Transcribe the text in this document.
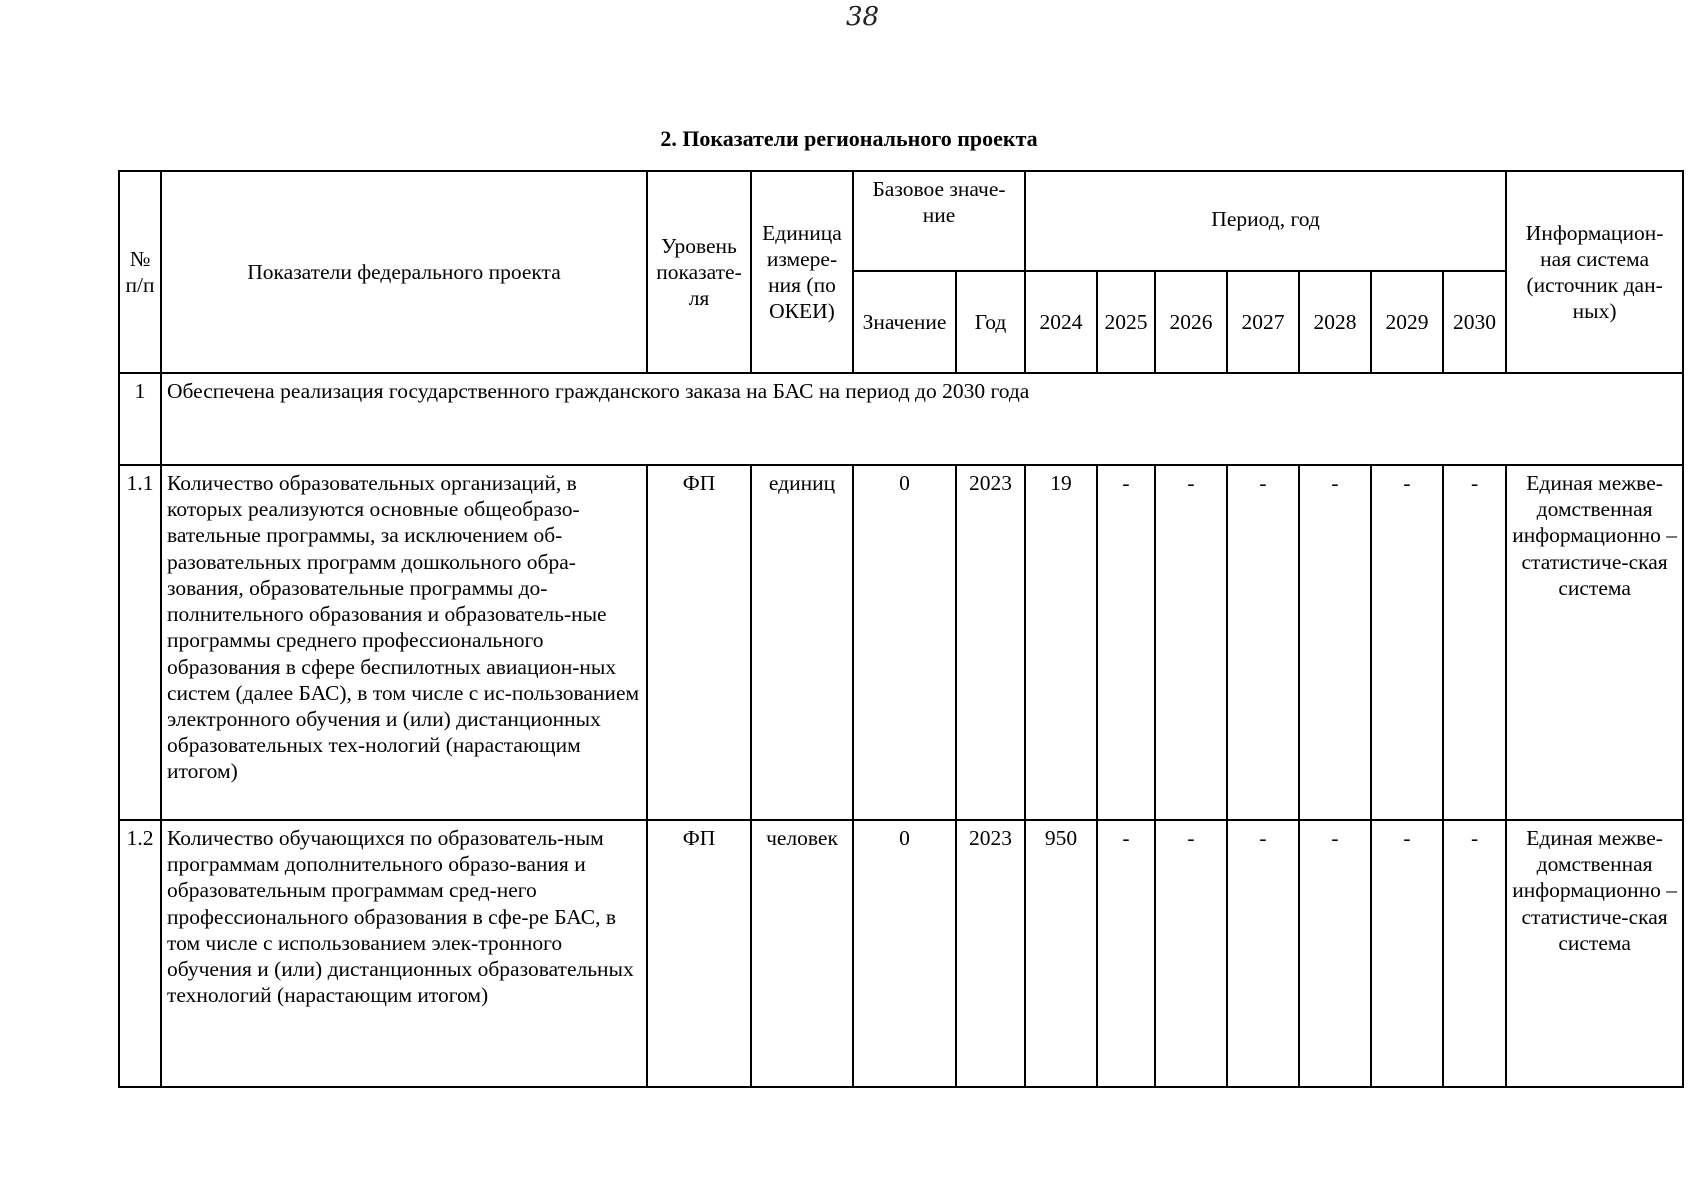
38
2. Показатели регионального проекта
№ п/п	Показатели федерального проекта	Уровень показате-ля	Единица измере-ния (по ОКЕИ)	Базовое значе-ние		Период, год							Информацион-ная система (источник дан-ных)
				Значение	Год	2024	2025	2026	2027	2028	2029	2030	
1	Обеспечена реализация государственного гражданского заказа на БАС на период до 2030 года												
1.1	Количество образовательных организаций, в которых реализуются основные общеобразо-вательные программы, за исключением об-разовательных программ дошкольного обра-зования, образовательные программы до-полнительного образования и образователь-ные программы среднего профессионального образования в сфере беспилотных авиацион-ных систем (далее БАС), в том числе с ис-пользованием электронного обучения и (или) дистанционных образовательных тех-нологий (нарастающим итогом)	ФП	единиц	0	2023	19	-	-	-	-	-	-	Единая межве-домственная информационно – статистиче-ская система
1.2	Количество обучающихся по образователь-ным программам дополнительного образо-вания и образовательным программам сред-него профессионального образования в сфе-ре БАС, в том числе с использованием элек-тронного обучения и (или) дистанционных образовательных технологий (нарастающим итогом)	ФП	человек	0	2023	950	-	-	-	-	-	-	Единая межве-домственная информационно – статистиче-ская система
